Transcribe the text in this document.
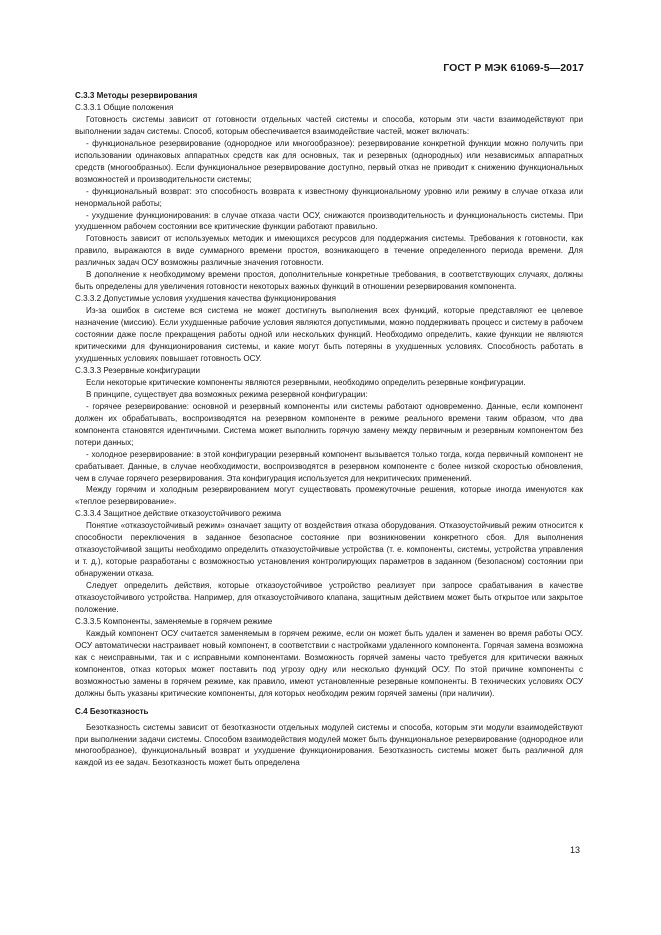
ГОСТ Р МЭК 61069-5—2017

С.3.3 Методы резервирования

С.3.3.1 Общие положения

Готовность системы зависит от готовности отдельных частей системы и способа, которым эти части взаимодействуют при выполнении задач системы. Способ, которым обеспечивается взаимодействие частей, может включать:

- функциональное резервирование (однородное или многообразное): резервирование конкретной функции можно получить при использовании одинаковых аппаратных средств как для основных, так и резервных (однородных) или независимых аппаратных средств (многообразных). Если функциональное резервирование доступно, первый отказ не приводит к снижению функциональных возможностей и производительности системы;

- функциональный возврат: это способность возврата к известному функциональному уровню или режиму в случае отказа или ненормальной работы;

- ухудшение функционирования: в случае отказа части ОСУ, снижаются производительность и функциональность системы. При ухудшенном рабочем состоянии все критические функции работают правильно.

Готовность зависит от используемых методик и имеющихся ресурсов для поддержания системы. Требования к готовности, как правило, выражаются в виде суммарного времени простоя, возникающего в течение определенного периода времени. Для различных задач ОСУ возможны различные значения готовности.

В дополнение к необходимому времени простоя, дополнительные конкретные требования, в соответствующих случаях, должны быть определены для увеличения готовности некоторых важных функций в отношении резервирования компонента.

С.3.3.2 Допустимые условия ухудшения качества функционирования

Из-за ошибок в системе вся система не может достигнуть выполнения всех функций, которые представляют ее целевое назначение (миссию). Если ухудшенные рабочие условия являются допустимыми, можно поддерживать процесс и систему в рабочем состоянии даже после прекращения работы одной или нескольких функций. Необходимо определить, какие функции не являются критическими для функционирования системы, и какие могут быть потеряны в ухудшенных условиях. Способность работать в ухудшенных условиях повышает готовность ОСУ.

С.3.3.3 Резервные конфигурации

Если некоторые критические компоненты являются резервными, необходимо определить резервные конфигурации.

В принципе, существует два возможных режима резервной конфигурации:

- горячее резервирование: основной и резервный компоненты или системы работают одновременно. Данные, если компонент должен их обрабатывать, воспроизводятся на резервном компоненте в режиме реального времени таким образом, что два компонента становятся идентичными. Система может выполнить горячую замену между первичным и резервным компонентом без потери данных;

- холодное резервирование: в этой конфигурации резервный компонент вызывается только тогда, когда первичный компонент не срабатывает. Данные, в случае необходимости, воспроизводятся в резервном компоненте с более низкой скоростью обновления, чем в случае горячего резервирования. Эта конфигурация используется для некритических применений.

Между горячим и холодным резервированием могут существовать промежуточные решения, которые иногда именуются как «теплое резервирование».

С.3.3.4 Защитное действие отказоустойчивого режима

Понятие «отказоустойчивый режим» означает защиту от воздействия отказа оборудования. Отказоустойчивый режим относится к способности переключения в заданное безопасное состояние при возникновении конкретного сбоя. Для выполнения отказоустойчивой защиты необходимо определить отказоустойчивые устройства (т. е. компоненты, системы, устройства управления и т. д.), которые разработаны с возможностью установления контролирующих параметров в заданном (безопасном) состоянии при обнаружении отказа.

Следует определить действия, которые отказоустойчивое устройство реализует при запросе срабатывания в качестве отказоустойчивого устройства. Например, для отказоустойчивого клапана, защитным действием может быть открытое или закрытое положение.

С.3.3.5 Компоненты, заменяемые в горячем режиме

Каждый компонент ОСУ считается заменяемым в горячем режиме, если он может быть удален и заменен во время работы ОСУ. ОСУ автоматически настраивает новый компонент, в соответствии с настройками удаленного компонента. Горячая замена возможна как с неисправными, так и с исправными компонентами. Возможность горячей замены часто требуется для критически важных компонентов, отказ которых может поставить под угрозу одну или несколько функций ОСУ. По этой причине компоненты с возможностью замены в горячем режиме, как правило, имеют установленные резервные компоненты. В технических условиях ОСУ должны быть указаны критические компоненты, для которых необходим режим горячей замены (при наличии).

С.4 Безотказность

Безотказность системы зависит от безотказности отдельных модулей системы и способа, которым эти модули взаимодействуют при выполнении задачи системы. Способом взаимодействия модулей может быть функциональное резервирование (однородное или многообразное), функциональный возврат и ухудшение функционирования. Безотказность системы может быть различной для каждой из ее задач. Безотказность может быть определена

13
